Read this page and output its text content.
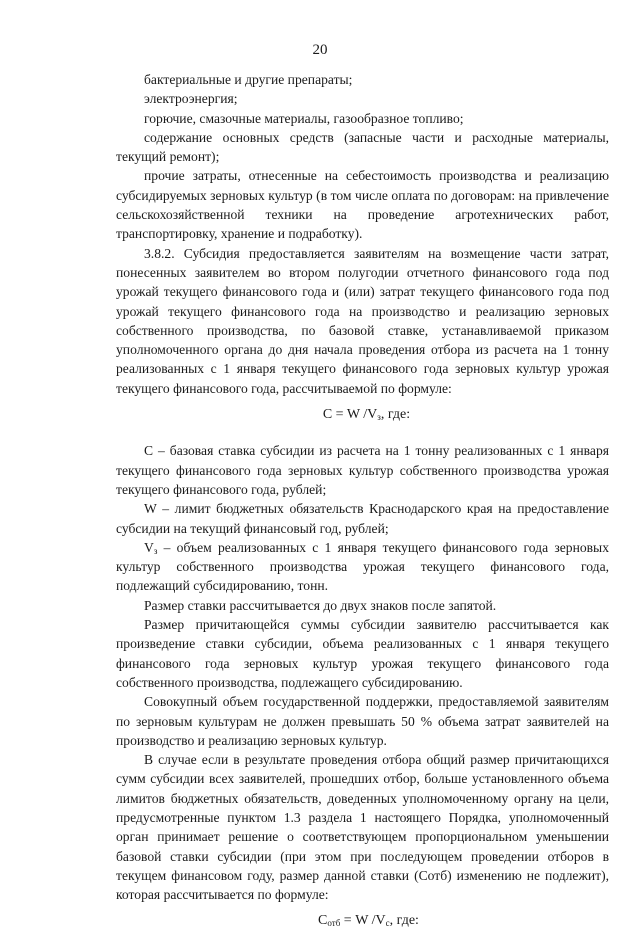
20

бактериальные и другие препараты;

электроэнергия;

горючие, смазочные материалы, газообразное топливо;

содержание основных средств (запасные части и расходные материалы, текущий ремонт);

прочие затраты, отнесенные на себестоимость производства и реализацию субсидируемых зерновых культур (в том числе оплата по договорам: на привлечение сельскохозяйственной техники на проведение агротехнических работ, транспортировку, хранение и подработку).

3.8.2. Субсидия предоставляется заявителям на возмещение части затрат, понесенных заявителем во втором полугодии отчетного финансового года под урожай текущего финансового года и (или) затрат текущего финансового года под урожай текущего финансового года на производство и реализацию зерновых собственного производства, по базовой ставке, устанавливаемой приказом уполномоченного органа до дня начала проведения отбора из расчета на 1 тонну реализованных с 1 января текущего финансового года зерновых культур урожая текущего финансового года, рассчитываемой по формуле:

C = W $/V_з$, где:

С – базовая ставка субсидии из расчета на 1 тонну реализованных с 1 января текущего финансового года зерновых культур собственного производства урожая текущего финансового года, рублей;

W – лимит бюджетных обязательств Краснодарского края на предоставление субсидии на текущий финансовый год, рублей;

$V_з$ – объем реализованных с 1 января текущего финансового года зерновых культур собственного производства урожая текущего финансового года, подлежащий субсидированию, тонн.

Размер ставки рассчитывается до двух знаков после запятой.

Размер причитающейся суммы субсидии заявителю рассчитывается как произведение ставки субсидии, объема реализованных с 1 января текущего финансового года зерновых культур урожая текущего финансового года собственного производства, подлежащего субсидированию.

Совокупный объем государственной поддержки, предоставляемой заявителям по зерновым культурам не должен превышать 50 % объема затрат заявителей на производство и реализацию зерновых культур.

В случае если в результате проведения отбора общий размер причитающихся сумм субсидии всех заявителей, прошедших отбор, больше установленного объема лимитов бюджетных обязательств, доведенных уполномоченному органу на цели, предусмотренные пунктом 1.3 раздела 1 настоящего Порядка, уполномоченный орган принимает решение о соответствующем пропорциональном уменьшении базовой ставки субсидии (при этом при последующем проведении отборов в текущем финансовом году, размер данной ставки (Cотб) изменению не подлежит), которая рассчитывается по формуле:

$C_{отб} = W$ $/V_c$, где:
